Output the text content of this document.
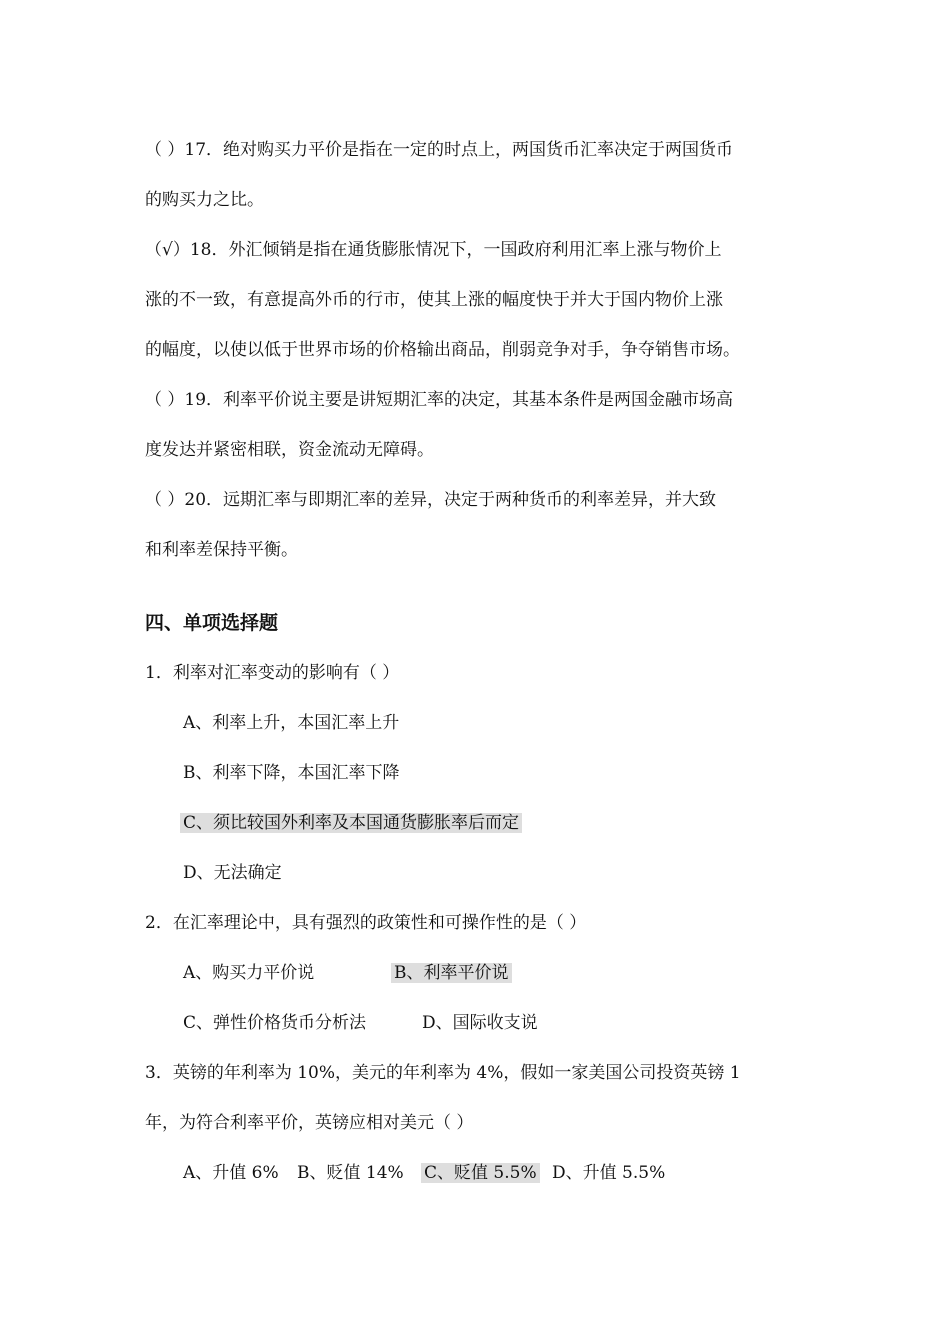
（ ）17．绝对购买力平价是指在一定的时点上，两国货币汇率决定于两国货币
的购买力之比。
（√）18．外汇倾销是指在通货膨胀情况下，一国政府利用汇率上涨与物价上
涨的不一致，有意提高外币的行市，使其上涨的幅度快于并大于国内物价上涨
的幅度，以使以低于世界市场的价格输出商品，削弱竞争对手，争夺销售市场。
（ ）19．利率平价说主要是讲短期汇率的决定，其基本条件是两国金融市场高
度发达并紧密相联，资金流动无障碍。
（ ）20．远期汇率与即期汇率的差异，决定于两种货币的利率差异，并大致
和利率差保持平衡。
四、单项选择题
1．利率对汇率变动的影响有（ ）
A、利率上升，本国汇率上升
B、利率下降，本国汇率下降
C、须比较国外利率及本国通货膨胀率后而定
D、无法确定
2．在汇率理论中，具有强烈的政策性和可操作性的是（ ）
A、购买力平价说	B、利率平价说
C、弹性价格货币分析法	D、国际收支说
3．英镑的年利率为 10%，美元的年利率为 4%，假如一家美国公司投资英镑 1
年，为符合利率平价，英镑应相对美元（ ）
A、升值 6% B、贬值 14% C、贬值 5.5% D、升值 5.5%
